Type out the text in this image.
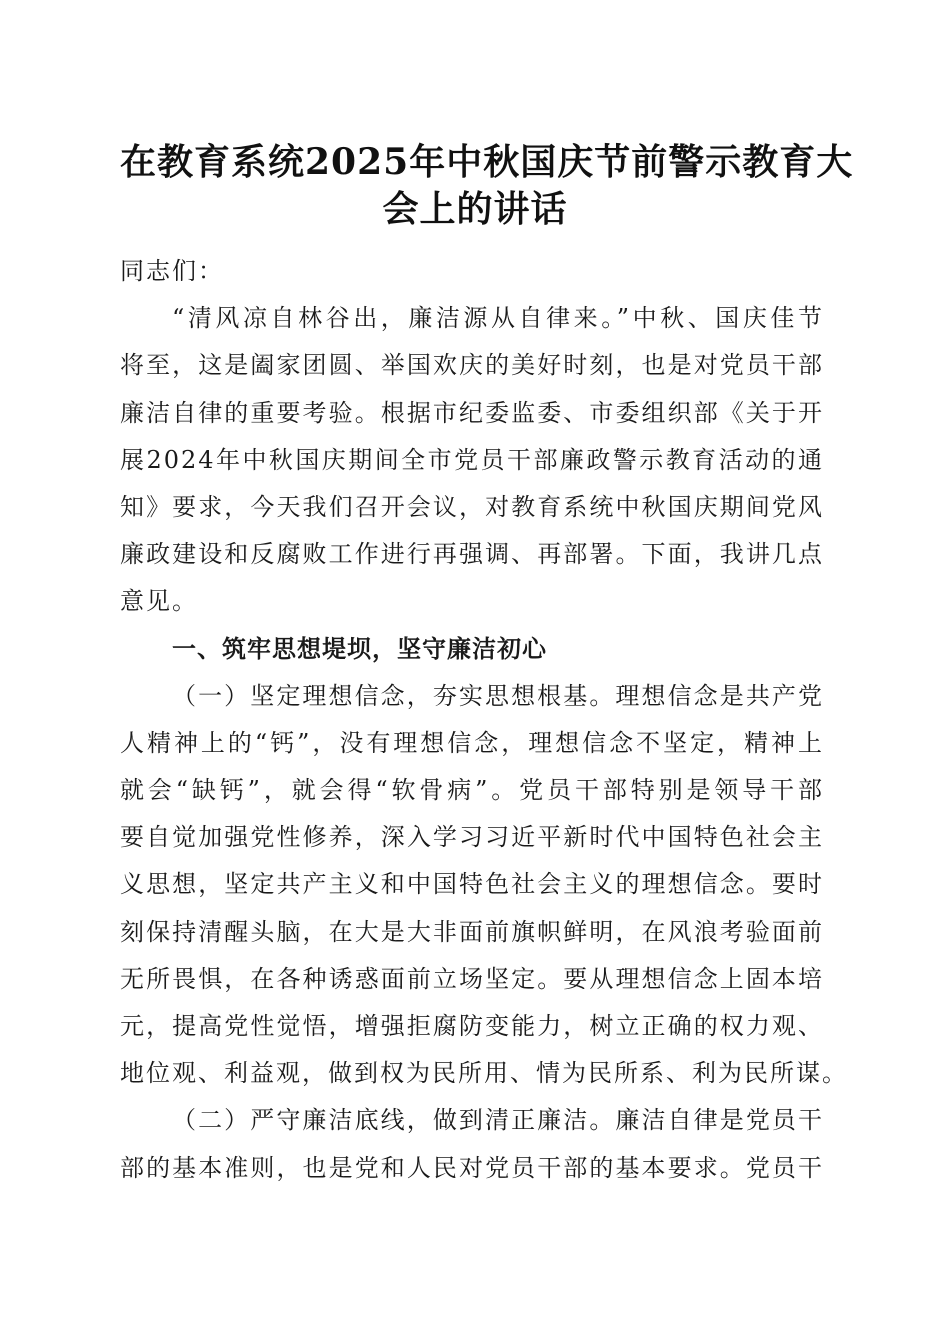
在教育系统2025年中秋国庆节前警示教育大
会上的讲话
同志们：
“清风凉自林谷出，廉洁源从自律来。”中秋、国庆佳节
将至，这是阖家团圆、举国欢庆的美好时刻，也是对党员干部
廉洁自律的重要考验。根据市纪委监委、市委组织部《关于开
展2024年中秋国庆期间全市党员干部廉政警示教育活动的通
知》要求，今天我们召开会议，对教育系统中秋国庆期间党风
廉政建设和反腐败工作进行再强调、再部署。下面，我讲几点
意见。
一、筑牢思想堤坝，坚守廉洁初心
（一）坚定理想信念，夯实思想根基。理想信念是共产党
人精神上的“钙”，没有理想信念，理想信念不坚定，精神上
就会“缺钙”，就会得“软骨病”。党员干部特别是领导干部
要自觉加强党性修养，深入学习习近平新时代中国特色社会主
义思想，坚定共产主义和中国特色社会主义的理想信念。要时
刻保持清醒头脑，在大是大非面前旗帜鲜明，在风浪考验面前
无所畏惧，在各种诱惑面前立场坚定。要从理想信念上固本培
元，提高党性觉悟，增强拒腐防变能力，树立正确的权力观、
地位观、利益观，做到权为民所用、情为民所系、利为民所谋。
（二）严守廉洁底线，做到清正廉洁。廉洁自律是党员干
部的基本准则，也是党和人民对党员干部的基本要求。党员干
